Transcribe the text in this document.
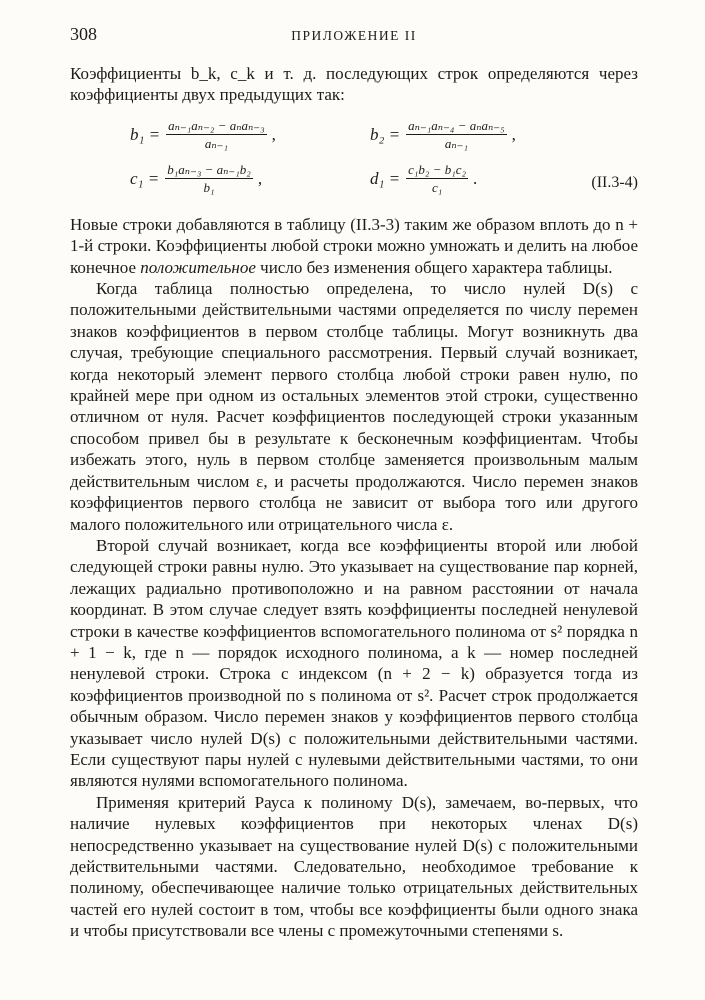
308	ПРИЛОЖЕНИЕ II

Коэффициенты b_k, c_k и т. д. последующих строк определяются через коэффициенты двух предыдущих так:

$b_1 = \frac{\text{aₙ₋₁aₙ₋₂ − aₙaₙ₋₃}}{\text{aₙ₋₁}}$ ,	$b_2 = \frac{\text{aₙ₋₁aₙ₋₄ − aₙaₙ₋₅}}{\text{aₙ₋₁}}$ ,
$c_1 = \frac{\text{b₁aₙ₋₃ − aₙ₋₁b₂}}{\text{b₁}}$ ,	$d_1 = \frac{\text{c₁b₂ − b₁c₂}}{\text{c₁}}$ .	(II.3-4)

Новые строки добавляются в таблицу (II.3-3) таким же образом вплоть до n + 1-й строки. Коэффициенты любой строки можно умножать и делить на любое конечное положительное число без изменения общего характера таблицы.

Когда таблица полностью определена, то число нулей D(s) с положительными действительными частями определяется по числу перемен знаков коэффициентов в первом столбце таблицы. Могут возникнуть два случая, требующие специального рассмотрения. Первый случай возникает, когда некоторый элемент первого столбца любой строки равен нулю, по крайней мере при одном из остальных элементов этой строки, существенно отличном от нуля. Расчет коэффициентов последующей строки указанным способом привел бы в результате к бесконечным коэффициентам. Чтобы избежать этого, нуль в первом столбце заменяется произвольным малым действительным числом ε, и расчеты продолжаются. Число перемен знаков коэффициентов первого столбца не зависит от выбора того или другого малого положительного или отрицательного числа ε.

Второй случай возникает, когда все коэффициенты второй или любой следующей строки равны нулю. Это указывает на существование пар корней, лежащих радиально противоположно и на равном расстоянии от начала координат. В этом случае следует взять коэффициенты последней ненулевой строки в качестве коэффициентов вспомогательного полинома от s² порядка n + 1 − k, где n — порядок исходного полинома, а k — номер последней ненулевой строки. Строка с индексом (n + 2 − k) образуется тогда из коэффициентов производной по s полинома от s². Расчет строк продолжается обычным образом. Число перемен знаков у коэффициентов первого столбца указывает число нулей D(s) с положительными действительными частями. Если существуют пары нулей с нулевыми действительными частями, то они являются нулями вспомогательного полинома.

Применяя критерий Рауса к полиному D(s), замечаем, во-первых, что наличие нулевых коэффициентов при некоторых членах D(s) непосредственно указывает на существование нулей D(s) с положительными действительными частями. Следовательно, необходимое требование к полиному, обеспечивающее наличие только отрицательных действительных частей его нулей состоит в том, чтобы все коэффициенты были одного знака и чтобы присутствовали все члены с промежуточными степенями s.
